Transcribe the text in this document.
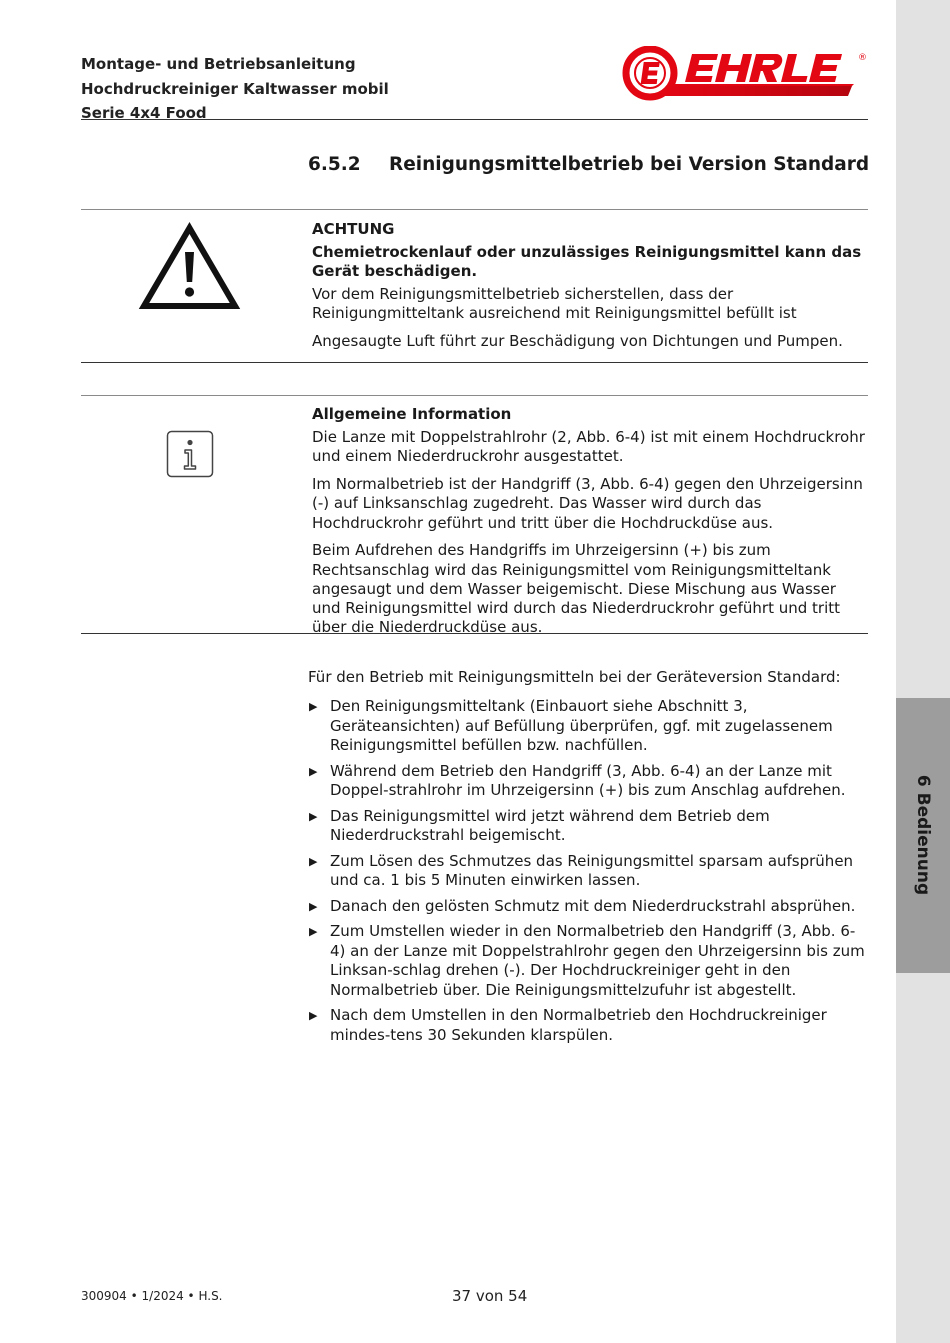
6 Bedienung
Montage- und Betriebsanleitung
Hochdruckreiniger Kaltwasser mobil
Serie 4x4 Food
®
6.5.2 Reinigungsmittelbetrieb bei Version Standard

ACHTUNG

Chemietrockenlauf oder unzulässiges Reinigungsmittel kann das Gerät beschädigen.

Vor dem Reinigungsmittelbetrieb sicherstellen, dass der Reinigungmitteltank ausreichend mit Reinigungsmittel befüllt ist

Angesaugte Luft führt zur Beschädigung von Dichtungen und Pumpen.

Allgemeine Information

Die Lanze mit Doppelstrahlrohr (2, Abb. 6-4) ist mit einem Hochdruckrohr und einem Niederdruckrohr ausgestattet.

Im Normalbetrieb ist der Handgriff (3, Abb. 6-4) gegen den Uhrzeigersinn (-) auf Linksanschlag zugedreht. Das Wasser wird durch das Hochdruckrohr geführt und tritt über die Hochdruckdüse aus.

Beim Aufdrehen des Handgriffs im Uhrzeigersinn (+) bis zum Rechtsanschlag wird das Reinigungsmittel vom Reinigungsmitteltank angesaugt und dem Wasser beigemischt. Diese Mischung aus Wasser und Reinigungsmittel wird durch das Niederdruckrohr geführt und tritt über die Niederdruckdüse aus.

Für den Betrieb mit Reinigungsmitteln bei der Geräteversion Standard:
▶ Den Reinigungsmitteltank (Einbauort siehe Abschnitt 3, Geräteansichten) auf Befüllung überprüfen, ggf. mit zugelassenem Reinigungsmittel befüllen bzw. nachfüllen.
▶ Während dem Betrieb den Handgriff (3, Abb. 6-4) an der Lanze mit Doppel-strahlrohr im Uhrzeigersinn (+) bis zum Anschlag aufdrehen.
▶ Das Reinigungsmittel wird jetzt während dem Betrieb dem Niederdruckstrahl beigemischt.
▶ Zum Lösen des Schmutzes das Reinigungsmittel sparsam aufsprühen und ca. 1 bis 5 Minuten einwirken lassen.
▶ Danach den gelösten Schmutz mit dem Niederdruckstrahl absprühen.
▶ Zum Umstellen wieder in den Normalbetrieb den Handgriff (3, Abb. 6-4) an der Lanze mit Doppelstrahlrohr gegen den Uhrzeigersinn bis zum Linksan-schlag drehen (-). Der Hochdruckreiniger geht in den Normalbetrieb über. Die Reinigungsmittelzufuhr ist abgestellt.
▶ Nach dem Umstellen in den Normalbetrieb den Hochdruckreiniger mindes-tens 30 Sekunden klarspülen.
300904 • 1/2024 • H.S.	37 von 54
